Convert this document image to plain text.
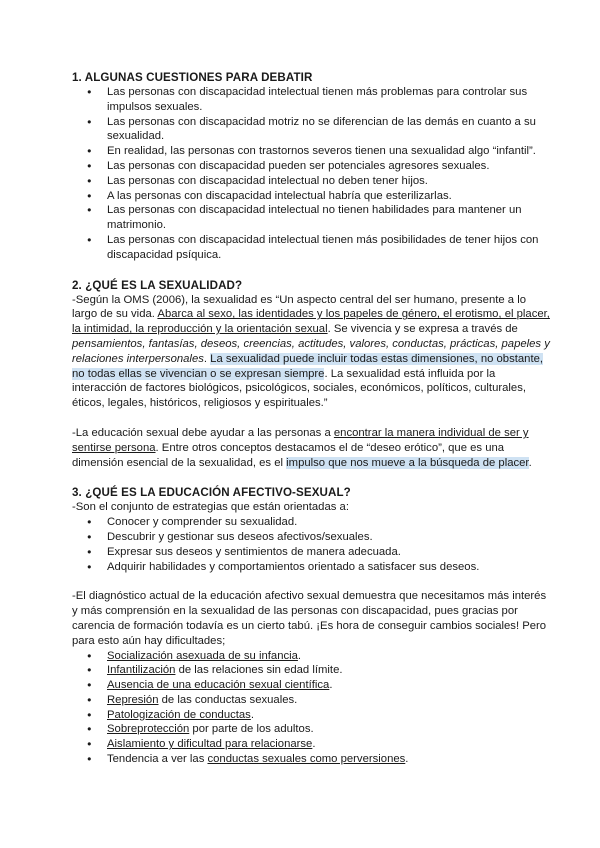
1. ALGUNAS CUESTIONES PARA DEBATIR
● Las personas con discapacidad intelectual tienen más problemas para controlar sus impulsos sexuales.
● Las personas con discapacidad motriz no se diferencian de las demás en cuanto a su sexualidad.
● En realidad, las personas con trastornos severos tienen una sexualidad algo “infantil”.
● Las personas con discapacidad pueden ser potenciales agresores sexuales.
● Las personas con discapacidad intelectual no deben tener hijos.
● A las personas con discapacidad intelectual habría que esterilizarlas.
● Las personas con discapacidad intelectual no tienen habilidades para mantener un matrimonio.
● Las personas con discapacidad intelectual tienen más posibilidades de tener hijos con discapacidad psíquica.
2. ¿QUÉ ES LA SEXUALIDAD?

-Según la OMS (2006), la sexualidad es “Un aspecto central del ser humano, presente a lo largo de su vida. Abarca al sexo, las identidades y los papeles de género, el erotismo, el placer, la intimidad, la reproducción y la orientación sexual. Se vivencia y se expresa a través de pensamientos, fantasías, deseos, creencias, actitudes, valores, conductas, prácticas, papeles y relaciones interpersonales. La sexualidad puede incluir todas estas dimensiones, no obstante, no todas ellas se vivencian o se expresan siempre. La sexualidad está influida por la interacción de factores biológicos, psicológicos, sociales, económicos, políticos, culturales, éticos, legales, históricos, religiosos y espirituales.”

-La educación sexual debe ayudar a las personas a encontrar la manera individual de ser y sentirse persona. Entre otros conceptos destacamos el de “deseo erótico”, que es una dimensión esencial de la sexualidad, es el impulso que nos mueve a la búsqueda de placer.

3. ¿QUÉ ES LA EDUCACIÓN AFECTIVO-SEXUAL?

-Son el conjunto de estrategias que están orientadas a:

● Conocer y comprender su sexualidad.
● Descubrir y gestionar sus deseos afectivos/sexuales.
● Expresar sus deseos y sentimientos de manera adecuada.
● Adquirir habilidades y comportamientos orientado a satisfacer sus deseos.

-El diagnóstico actual de la educación afectivo sexual demuestra que necesitamos más interés y más comprensión en la sexualidad de las personas con discapacidad, pues gracias por carencia de formación todavía es un cierto tabú. ¡Es hora de conseguir cambios sociales! Pero para esto aún hay dificultades;

● Socialización asexuada de su infancia.
● Infantilización de las relaciones sin edad límite.
● Ausencia de una educación sexual científica.
● Represión de las conductas sexuales.
● Patologización de conductas.
● Sobreprotección por parte de los adultos.
● Aislamiento y dificultad para relacionarse.
● Tendencia a ver las conductas sexuales como perversiones.
